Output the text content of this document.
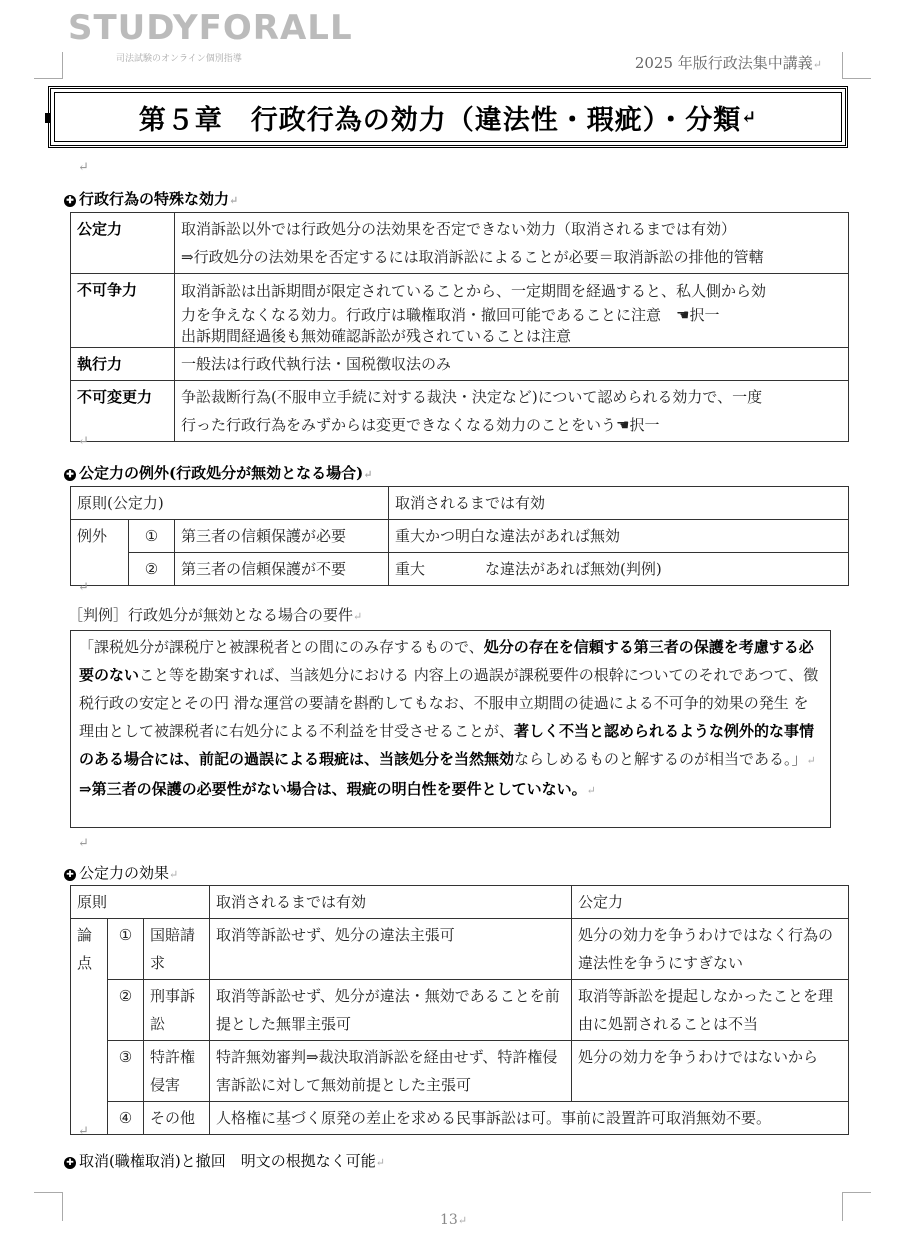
STUDYFORALL
司法試験のオンライン個別指導	2025 年版行政法集中講義↵
第５章　行政行為の効力（違法性・瑕疵）・分類 ↵
↵
✚ 行政行為の特殊な効力↵
公定力	取消訴訟以外では行政処分の法効果を否定できない効力（取消されるまでは有効）
⇒行政処分の法効果を否定するには取消訴訟によることが必要＝取消訴訟の排他的管轄

不可争力	取消訴訟は出訴期間が限定されていることから、一定期間を経過すると、私人側から効
力を争えなくなる効力。行政庁は職権取消・撤回可能であることに注意　☚択一
出訴期間経過後も無効確認訴訟が残されていることは注意

執行力	一般法は行政代執行法・国税徴収法のみ

不可変更力	争訟裁断行為(不服申立手続に対する裁決・決定など)について認められる効力で、一度
行った行政行為をみずからは変更できなくなる効力のことをいう☚択一
↵
✚ 公定力の例外(行政処分が無効となる場合)↵
原則(公定力)			取消されるまでは有効
例外	①	第三者の信頼保護が必要	重大かつ明白な違法があれば無効
	②	第三者の信頼保護が不要	重大　　　　な違法があれば無効(判例)
↵
［判例］行政処分が無効となる場合の要件↵
「課税処分が課税庁と被課税者との間にのみ存するもので、処分の存在を信頼する第三者の保護を考慮する必要のないこと等を勘案すれば、当該処分における 内容上の過誤が課税要件の根幹についてのそれであつて、徴税行政の安定とその円 滑な運営の要請を斟酌してもなお、不服申立期間の徒過による不可争的効果の発生 を理由として被課税者に右処分による不利益を甘受させることが、著しく不当と認められるような例外的な事情のある場合には、前記の過誤による瑕疵は、当該処分を当然無効ならしめるものと解するのが相当である。」↵
⇒第三者の保護の必要性がない場合は、瑕疵の明白性を要件としていない。↵
↵
✚ 公定力の効果↵
原則			取消されるまでは有効	公定力
論点	①	国賠請求	取消等訴訟せず、処分の違法主張可	処分の効力を争うわけではなく行為の違法性を争うにすぎない
	②	刑事訴訟	取消等訴訟せず、処分が違法・無効であることを前提とした無罪主張可	取消等訴訟を提起しなかったことを理由に処罰されることは不当
	③	特許権侵害	特許無効審判⇒裁決取消訴訟を経由せず、特許権侵害訴訟に対して無効前提とした主張可	処分の効力を争うわけではないから
	④	その他	人格権に基づく原発の差止を求める民事訴訟は可。事前に設置許可取消無効不要。	
↵
✚ 取消(職権取消)と撤回　明文の根拠なく可能↵
13↵
